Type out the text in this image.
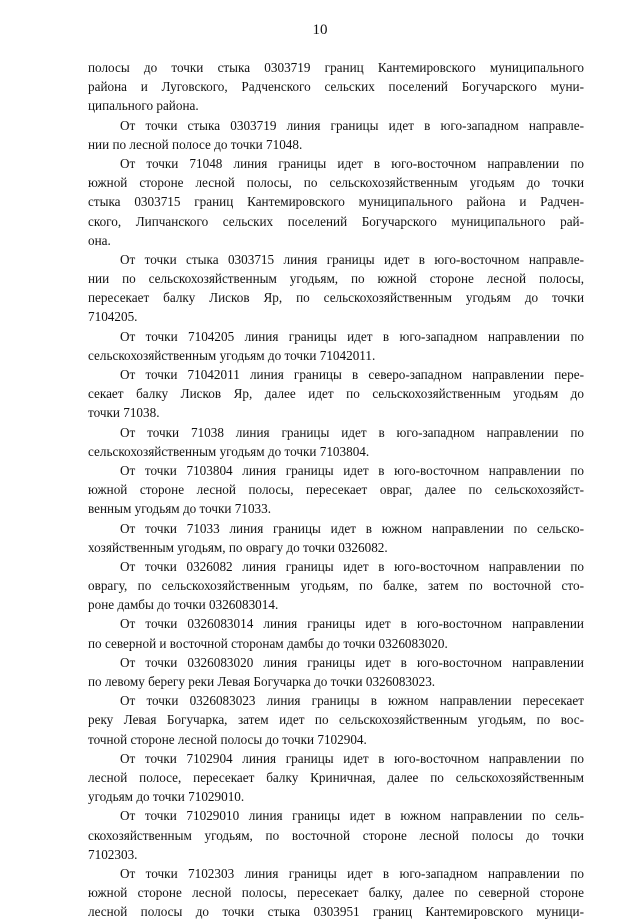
10
полосы до точки стыка 0303719 границ Кантемировского муниципального
района и Луговского, Радченского сельских поселений Богучарского муни-
ципального района.
От точки стыка 0303719 линия границы идет в юго-западном направле-
нии по лесной полосе до точки 71048.
От точки 71048 линия границы идет в юго-восточном направлении по
южной стороне лесной полосы, по сельскохозяйственным угодьям до точки
стыка 0303715 границ Кантемировского муниципального района и Радчен-
ского, Липчанского сельских поселений Богучарского муниципального рай-
она.
От точки стыка 0303715 линия границы идет в юго-восточном направле-
нии по сельскохозяйственным угодьям, по южной стороне лесной полосы,
пересекает балку Лисков Яр, по сельскохозяйственным угодьям до точки
7104205.
От точки 7104205 линия границы идет в юго-западном направлении по
сельскохозяйственным угодьям до точки 71042011.
От точки 71042011 линия границы в северо-западном направлении пере-
секает балку Лисков Яр, далее идет по сельскохозяйственным угодьям до
точки 71038.
От точки 71038 линия границы идет в юго-западном направлении по
сельскохозяйственным угодьям до точки 7103804.
От точки 7103804 линия границы идет в юго-восточном направлении по
южной стороне лесной полосы, пересекает овраг, далее по сельскохозяйст-
венным угодьям до точки 71033.
От точки 71033 линия границы идет в южном направлении по сельско-
хозяйственным угодьям, по оврагу до точки 0326082.
От точки 0326082 линия границы идет в юго-восточном направлении по
оврагу, по сельскохозяйственным угодьям, по балке, затем по восточной сто-
роне дамбы до точки 0326083014.
От точки 0326083014 линия границы идет в юго-восточном направлении
по северной и восточной сторонам дамбы до точки 0326083020.
От точки 0326083020 линия границы идет в юго-восточном направлении
по левому берегу реки Левая Богучарка до точки 0326083023.
От точки 0326083023 линия границы в южном направлении пересекает
реку Левая Богучарка, затем идет по сельскохозяйственным угодьям, по вос-
точной стороне лесной полосы до точки 7102904.
От точки 7102904 линия границы идет в юго-восточном направлении по
лесной полосе, пересекает балку Криничная, далее по сельскохозяйственным
угодьям до точки 71029010.
От точки 71029010 линия границы идет в южном направлении по сель-
скохозяйственным угодьям, по восточной стороне лесной полосы до точки
7102303.
От точки 7102303 линия границы идет в юго-западном направлении по
южной стороне лесной полосы, пересекает балку, далее по северной стороне
лесной полосы до точки стыка 0303951 границ Кантемировского муници-
